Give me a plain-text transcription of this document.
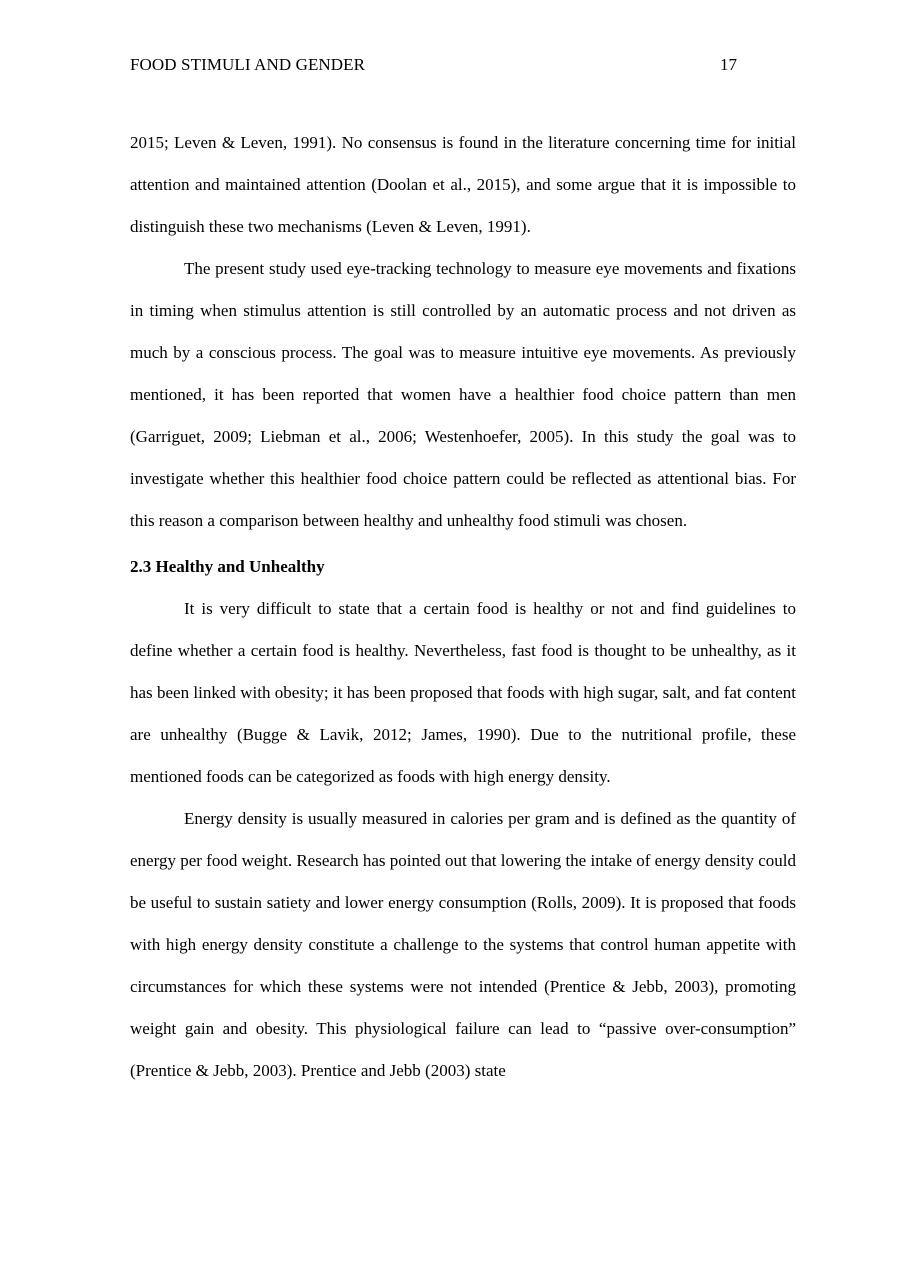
FOOD STIMULI AND GENDER	17

2015; Leven & Leven, 1991). No consensus is found in the literature concerning time for initial attention and maintained attention (Doolan et al., 2015), and some argue that it is impossible to distinguish these two mechanisms (Leven & Leven, 1991).

The present study used eye-tracking technology to measure eye movements and fixations in timing when stimulus attention is still controlled by an automatic process and not driven as much by a conscious process. The goal was to measure intuitive eye movements. As previously mentioned, it has been reported that women have a healthier food choice pattern than men (Garriguet, 2009; Liebman et al., 2006; Westenhoefer, 2005). In this study the goal was to investigate whether this healthier food choice pattern could be reflected as attentional bias. For this reason a comparison between healthy and unhealthy food stimuli was chosen.

2.3 Healthy and Unhealthy

It is very difficult to state that a certain food is healthy or not and find guidelines to define whether a certain food is healthy. Nevertheless, fast food is thought to be unhealthy, as it has been linked with obesity; it has been proposed that foods with high sugar, salt, and fat content are unhealthy (Bugge & Lavik, 2012; James, 1990). Due to the nutritional profile, these mentioned foods can be categorized as foods with high energy density.

Energy density is usually measured in calories per gram and is defined as the quantity of energy per food weight. Research has pointed out that lowering the intake of energy density could be useful to sustain satiety and lower energy consumption (Rolls, 2009). It is proposed that foods with high energy density constitute a challenge to the systems that control human appetite with circumstances for which these systems were not intended (Prentice & Jebb, 2003), promoting weight gain and obesity. This physiological failure can lead to “passive over-consumption” (Prentice & Jebb, 2003). Prentice and Jebb (2003) state
